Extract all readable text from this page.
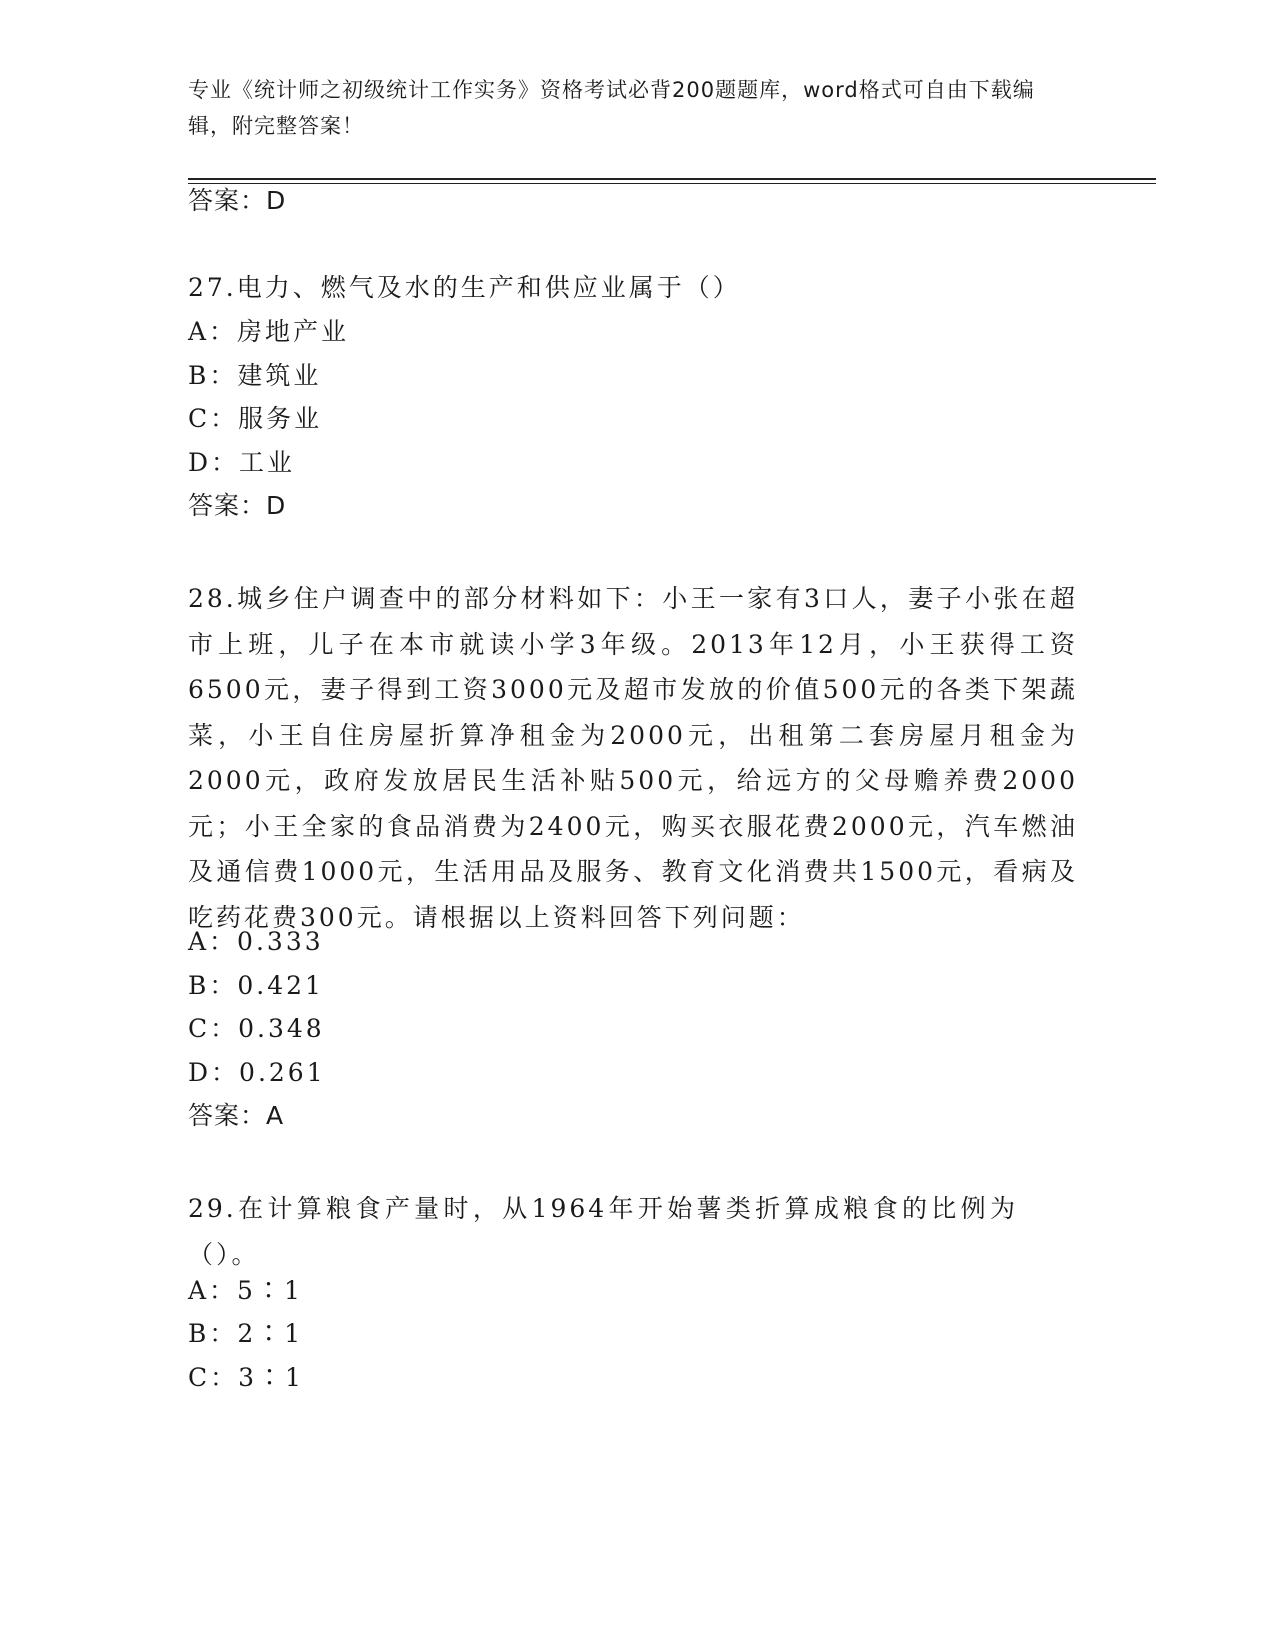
专业《统计师之初级统计工作实务》资格考试必背200题题库，word格式可自由下载编辑，附完整答案！
答案：D
27.电力、燃气及水的生产和供应业属于（）
A：房地产业
B：建筑业
C：服务业
D：工业
答案：D
28.城乡住户调查中的部分材料如下：小王一家有3口人，妻子小张在超市上班，儿子在本市就读小学3年级。2013年12月，小王获得工资6500元，妻子得到工资3000元及超市发放的价值500元的各类下架蔬菜，小王自住房屋折算净租金为2000元，出租第二套房屋月租金为2000元，政府发放居民生活补贴500元，给远方的父母赡养费2000元；小王全家的食品消费为2400元，购买衣服花费2000元，汽车燃油及通信费1000元，生活用品及服务、教育文化消费共1500元，看病及吃药花费300元。请根据以上资料回答下列问题：
A：0.333
B：0.421
C：0.348
D：0.261
答案：A
29.在计算粮食产量时，从1964年开始薯类折算成粮食的比例为（）。
A：5∶1
B：2∶1
C：3∶1
